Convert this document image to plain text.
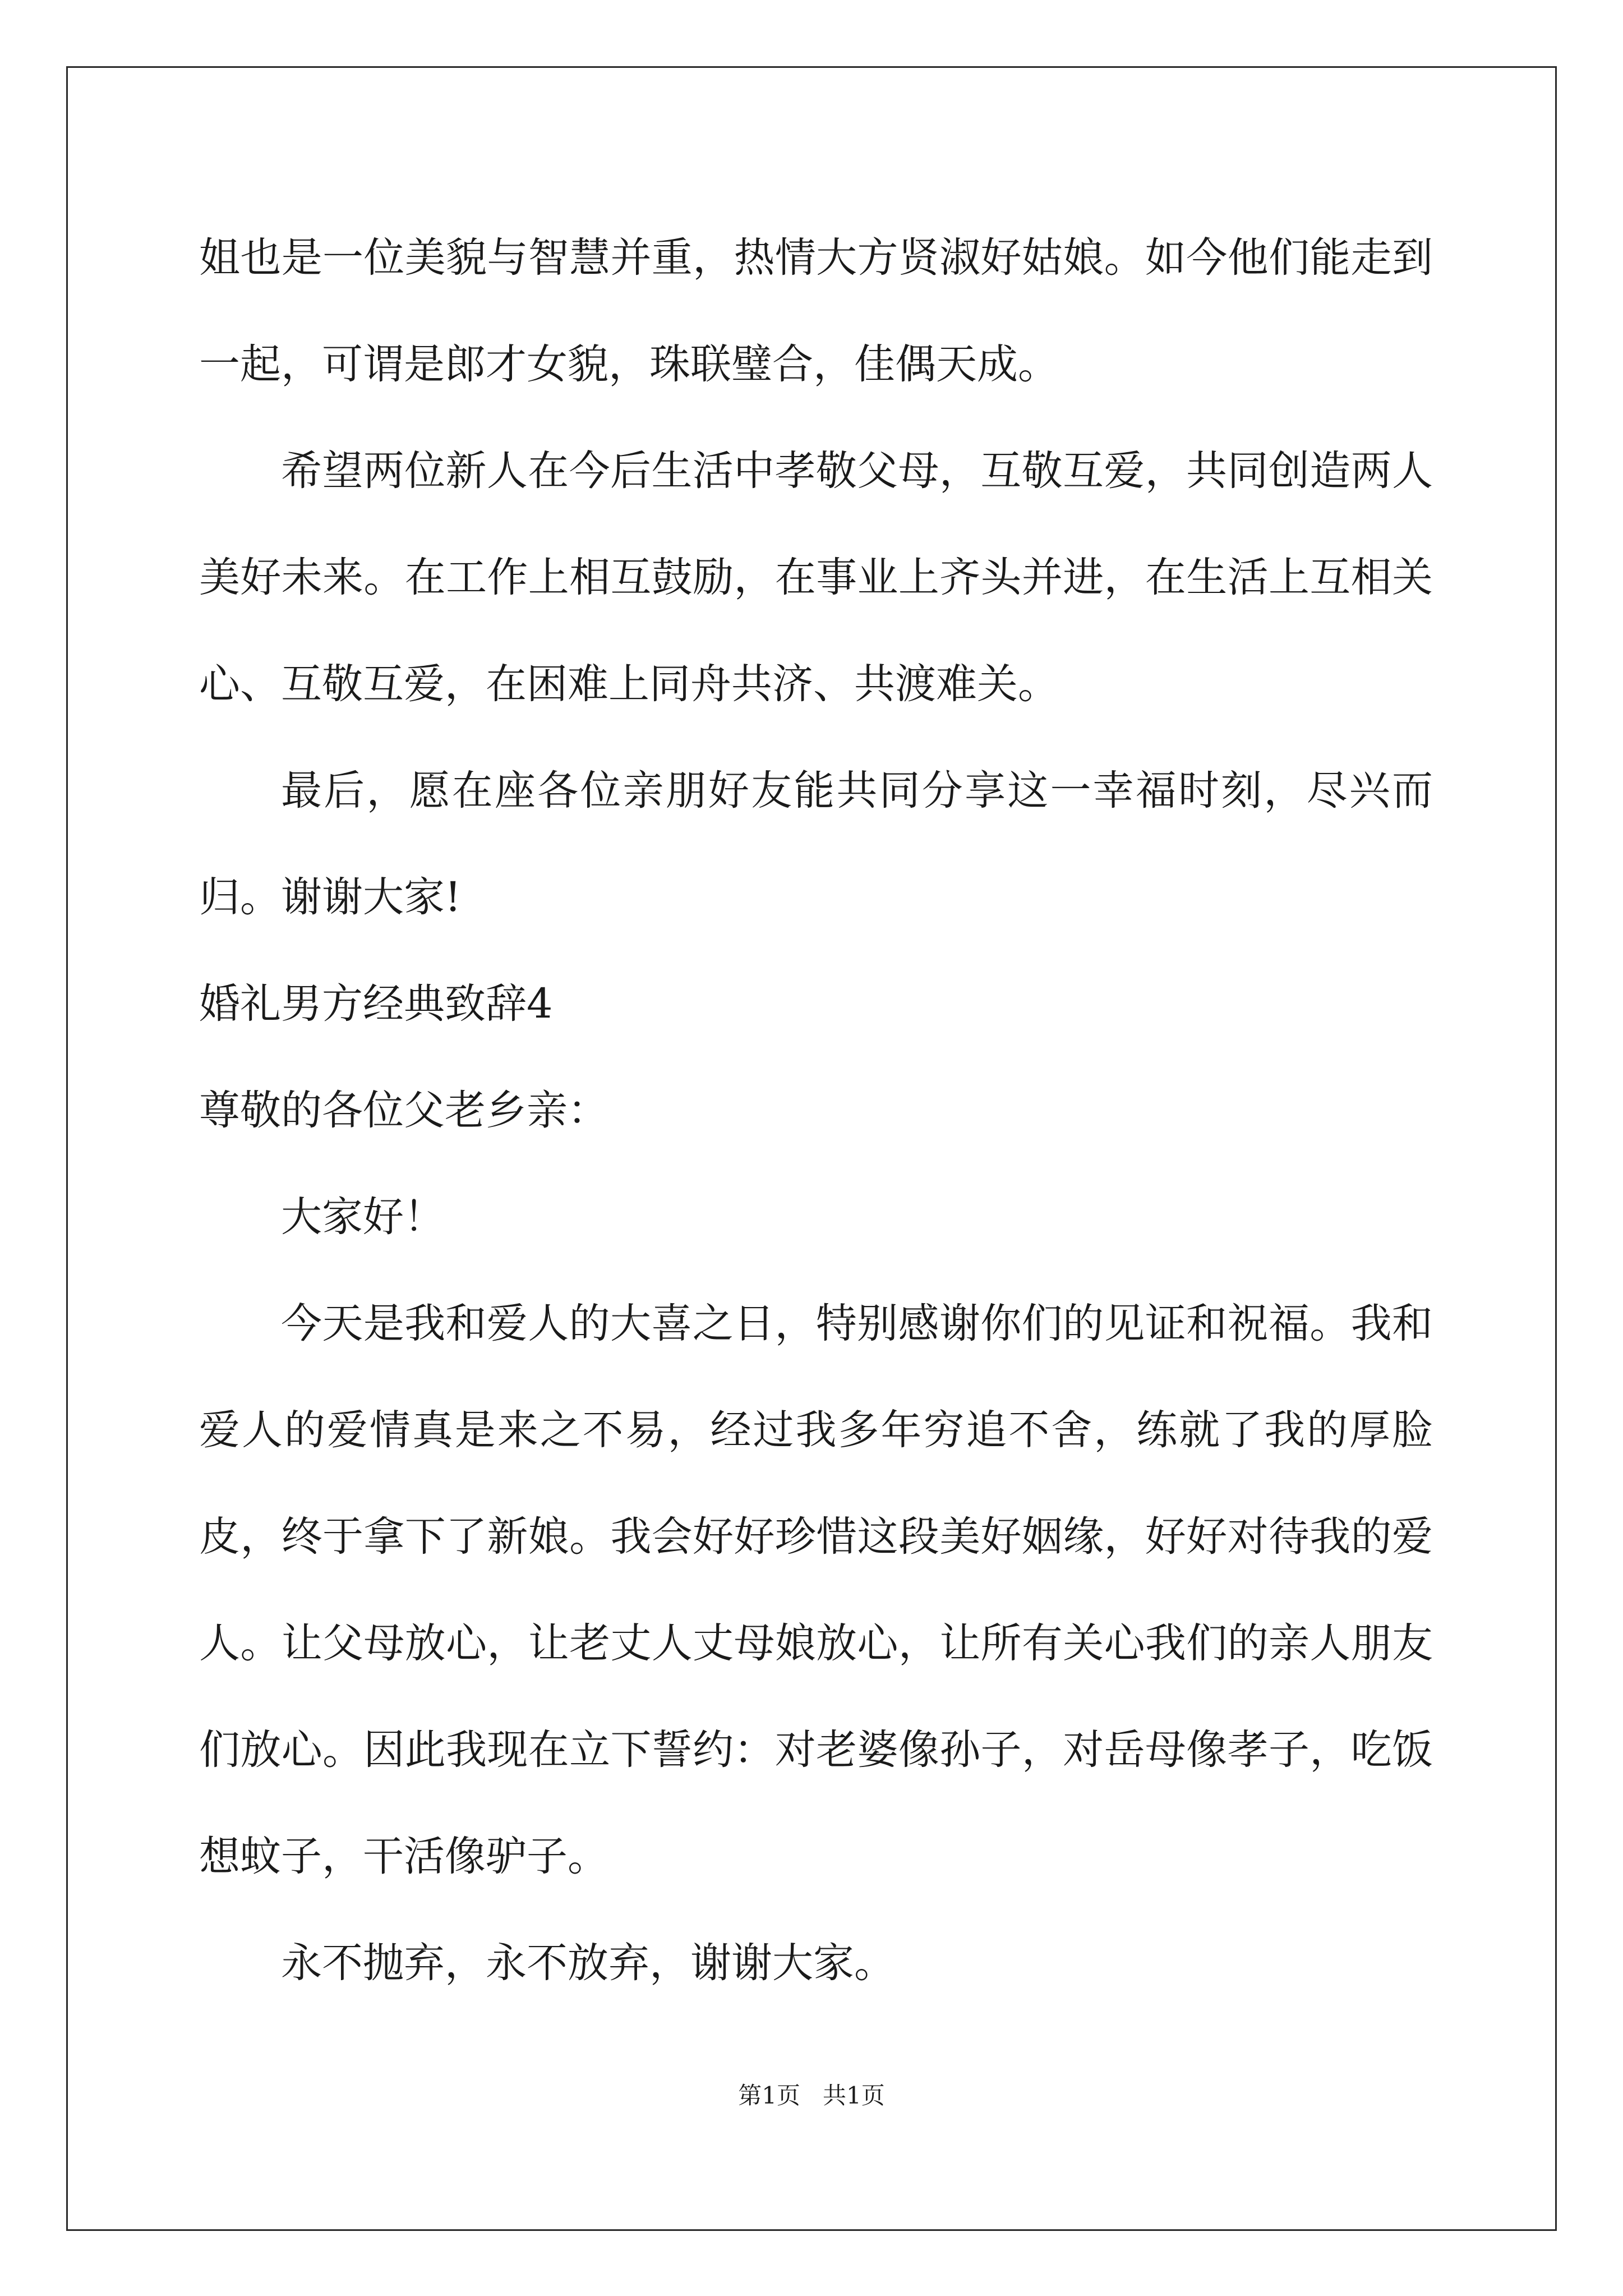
姐也是一位美貌与智慧并重，热情大方贤淑好姑娘。如今他们能走到一起，可谓是郎才女貌，珠联璧合，佳偶天成。

希望两位新人在今后生活中孝敬父母，互敬互爱，共同创造两人美好未来。在工作上相互鼓励，在事业上齐头并进，在生活上互相关心、互敬互爱，在困难上同舟共济、共渡难关。

最后，愿在座各位亲朋好友能共同分享这一幸福时刻，尽兴而归。谢谢大家!

婚礼男方经典致辞4

尊敬的各位父老乡亲：

大家好！

今天是我和爱人的大喜之日，特别感谢你们的见证和祝福。我和爱人的爱情真是来之不易，经过我多年穷追不舍，练就了我的厚脸皮，终于拿下了新娘。我会好好珍惜这段美好姻缘，好好对待我的爱人。让父母放心，让老丈人丈母娘放心，让所有关心我们的亲人朋友们放心。因此我现在立下誓约：对老婆像孙子，对岳母像孝子，吃饭想蚊子，干活像驴子。

永不抛弃，永不放弃，谢谢大家。

第1页 共1页
